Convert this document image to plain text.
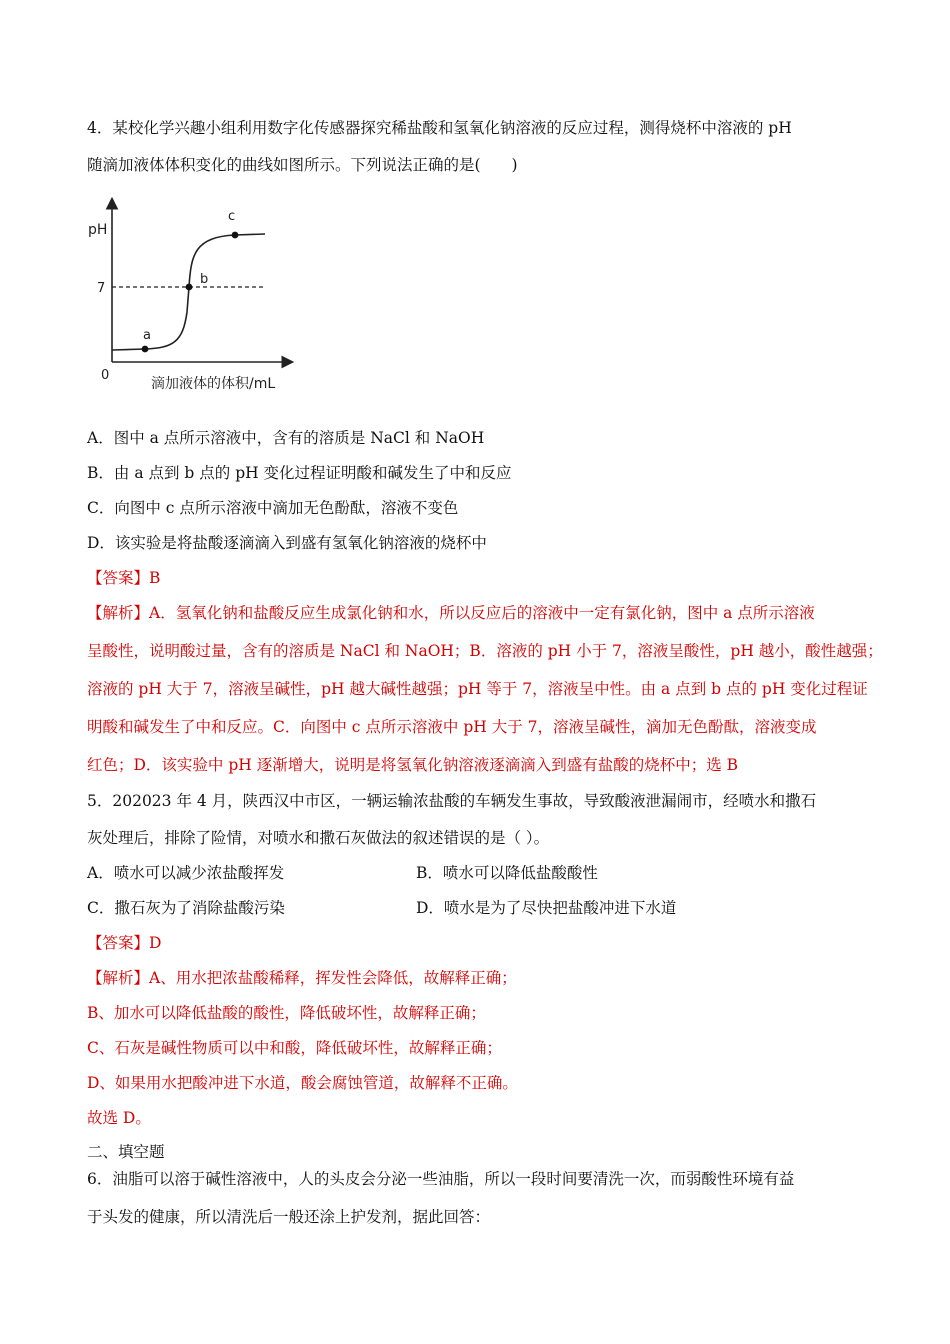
4．某校化学兴趣小组利用数字化传感器探究稀盐酸和氢氧化钠溶液的反应过程，测得烧杯中溶液的 pH
随滴加液体体积变化的曲线如图所示。下列说法正确的是(　　)
pH
7
0
滴加液体的体积/mL
a
b
c
A．图中 a 点所示溶液中，含有的溶质是 NaCl 和 NaOH
B．由 a 点到 b 点的 pH 变化过程证明酸和碱发生了中和反应
C．向图中 c 点所示溶液中滴加无色酚酞，溶液不变色
D．该实验是将盐酸逐滴滴入到盛有氢氧化钠溶液的烧杯中
【答案】B
【解析】A．氢氧化钠和盐酸反应生成氯化钠和水，所以反应后的溶液中一定有氯化钠，图中 a 点所示溶液
呈酸性，说明酸过量，含有的溶质是 NaCl 和 NaOH；B．溶液的 pH 小于 7，溶液呈酸性，pH 越小，酸性越强；
溶液的 pH 大于 7，溶液呈碱性，pH 越大碱性越强；pH 等于 7，溶液呈中性。由 a 点到 b 点的 pH 变化过程证
明酸和碱发生了中和反应。C．向图中 c 点所示溶液中 pH 大于 7，溶液呈碱性，滴加无色酚酞，溶液变成
红色；D．该实验中 pH 逐渐增大，说明是将氢氧化钠溶液逐滴滴入到盛有盐酸的烧杯中；选 B
5．202023 年 4 月，陕西汉中市区，一辆运输浓盐酸的车辆发生事故，导致酸液泄漏闹市，经喷水和撒石
灰处理后，排除了险情，对喷水和撒石灰做法的叙述错误的是（ ）。
A．喷水可以减少浓盐酸挥发	B．喷水可以降低盐酸酸性
C．撒石灰为了消除盐酸污染	D．喷水是为了尽快把盐酸冲进下水道
【答案】D
【解析】A、用水把浓盐酸稀释，挥发性会降低，故解释正确；
B、加水可以降低盐酸的酸性，降低破坏性，故解释正确；
C、石灰是碱性物质可以中和酸，降低破坏性，故解释正确；
D、如果用水把酸冲进下水道，酸会腐蚀管道，故解释不正确。
故选 D。
二、填空题
6．油脂可以溶于碱性溶液中，人的头皮会分泌一些油脂，所以一段时间要清洗一次，而弱酸性环境有益
于头发的健康，所以清洗后一般还涂上护发剂，据此回答：
